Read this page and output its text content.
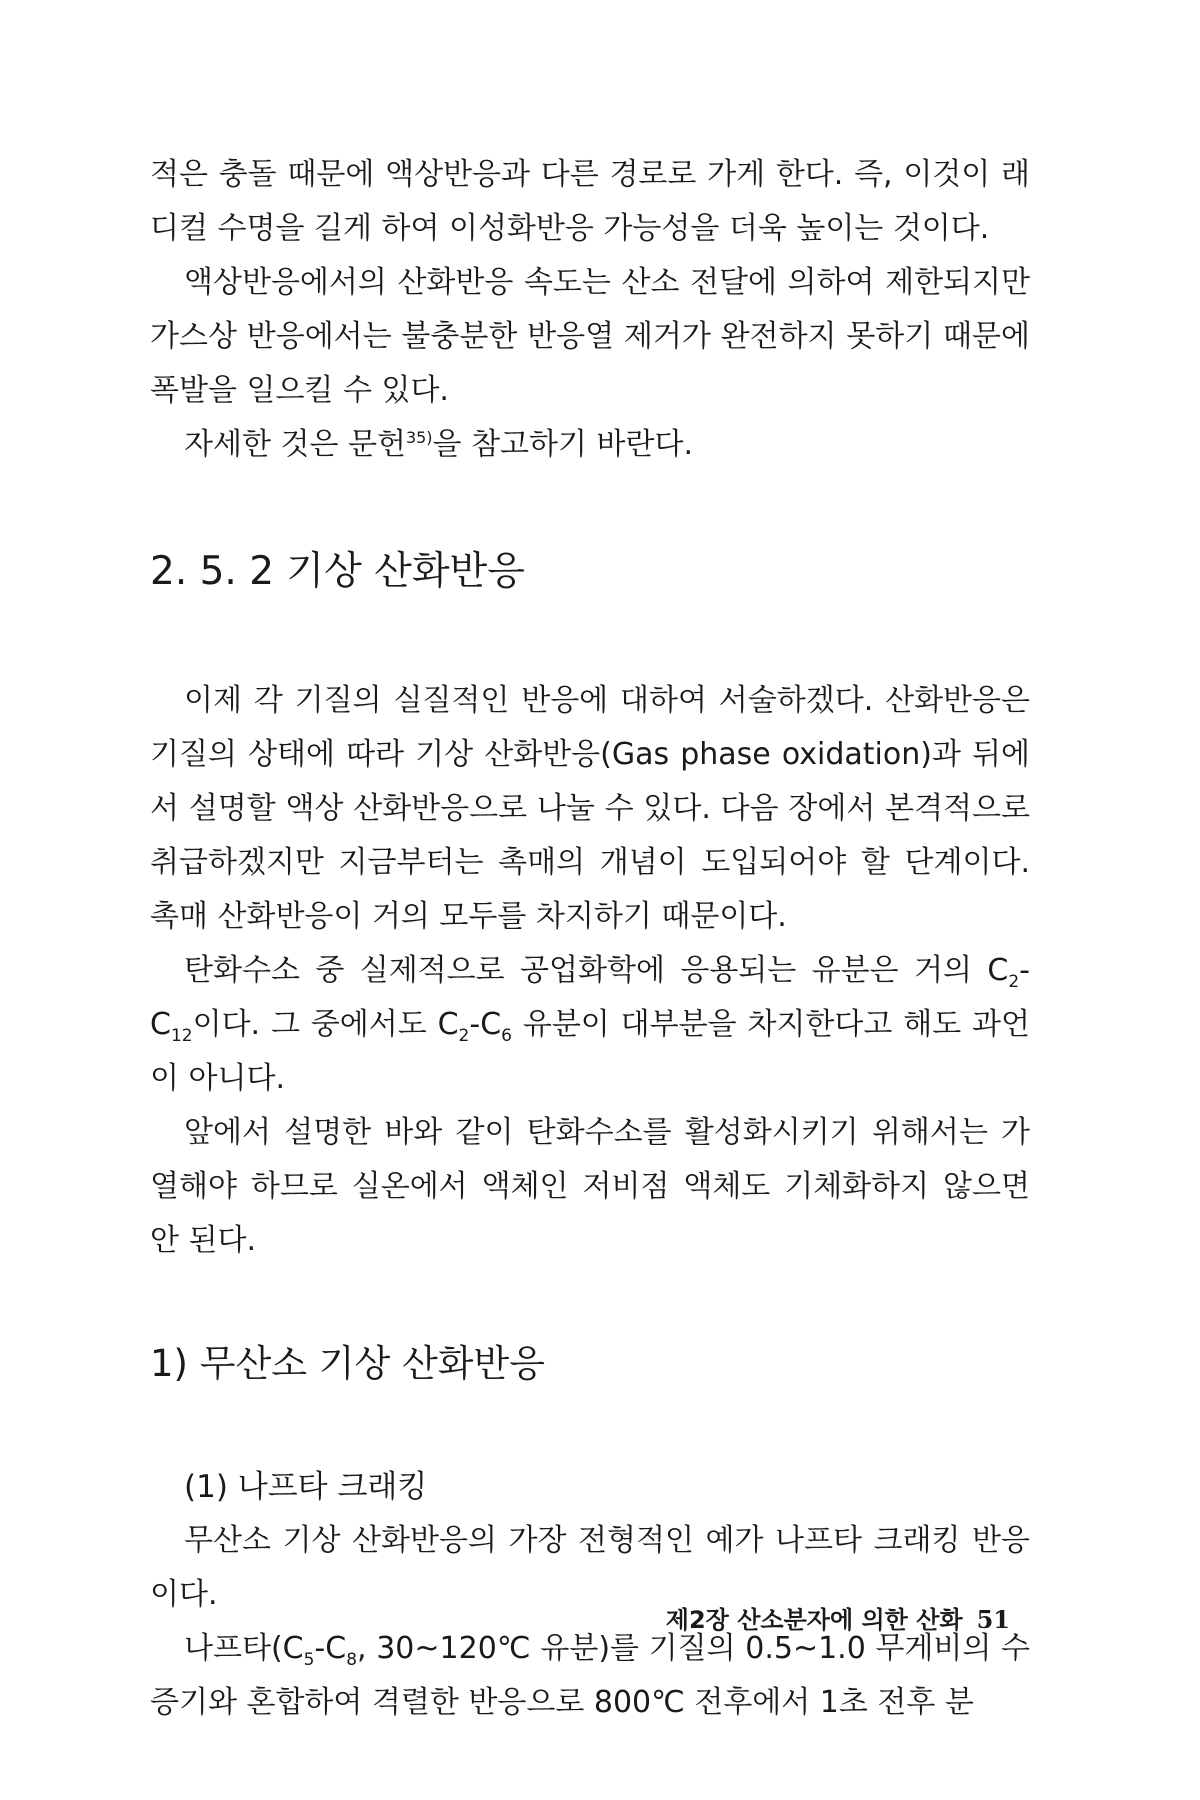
적은 충돌 때문에 액상반응과 다른 경로로 가게 한다. 즉, 이것이 래디컬 수명을 길게 하여 이성화반응 가능성을 더욱 높이는 것이다.

액상반응에서의 산화반응 속도는 산소 전달에 의하여 제한되지만 가스상 반응에서는 불충분한 반응열 제거가 완전하지 못하기 때문에 폭발을 일으킬 수 있다.

자세한 것은 문헌$^{35)}$을 참고하기 바란다.

2. 5. 2 기상 산화반응

이제 각 기질의 실질적인 반응에 대하여 서술하겠다. 산화반응은 기질의 상태에 따라 기상 산화반응(Gas phase oxidation)과 뒤에서 설명할 액상 산화반응으로 나눌 수 있다. 다음 장에서 본격적으로 취급하겠지만 지금부터는 촉매의 개념이 도입되어야 할 단계이다. 촉매 산화반응이 거의 모두를 차지하기 때문이다.

탄화수소 중 실제적으로 공업화학에 응용되는 유분은 거의 $C_2-C_{12}$이다. 그 중에서도 $C_2-C_6$ 유분이 대부분을 차지한다고 해도 과언이 아니다.

앞에서 설명한 바와 같이 탄화수소를 활성화시키기 위해서는 가열해야 하므로 실온에서 액체인 저비점 액체도 기체화하지 않으면 안 된다.

1) 무산소 기상 산화반응
(1) 나프타 크래킹

무산소 기상 산화반응의 가장 전형적인 예가 나프타 크래킹 반응이다.

나프타($C_5-C_8$, 30~120℃ 유분)를 기질의 0.5~1.0 무게비의 수증기와 혼합하여 격렬한 반응으로 800℃ 전후에서 1초 전후 분

제2장 산소분자에 의한 산화 51
